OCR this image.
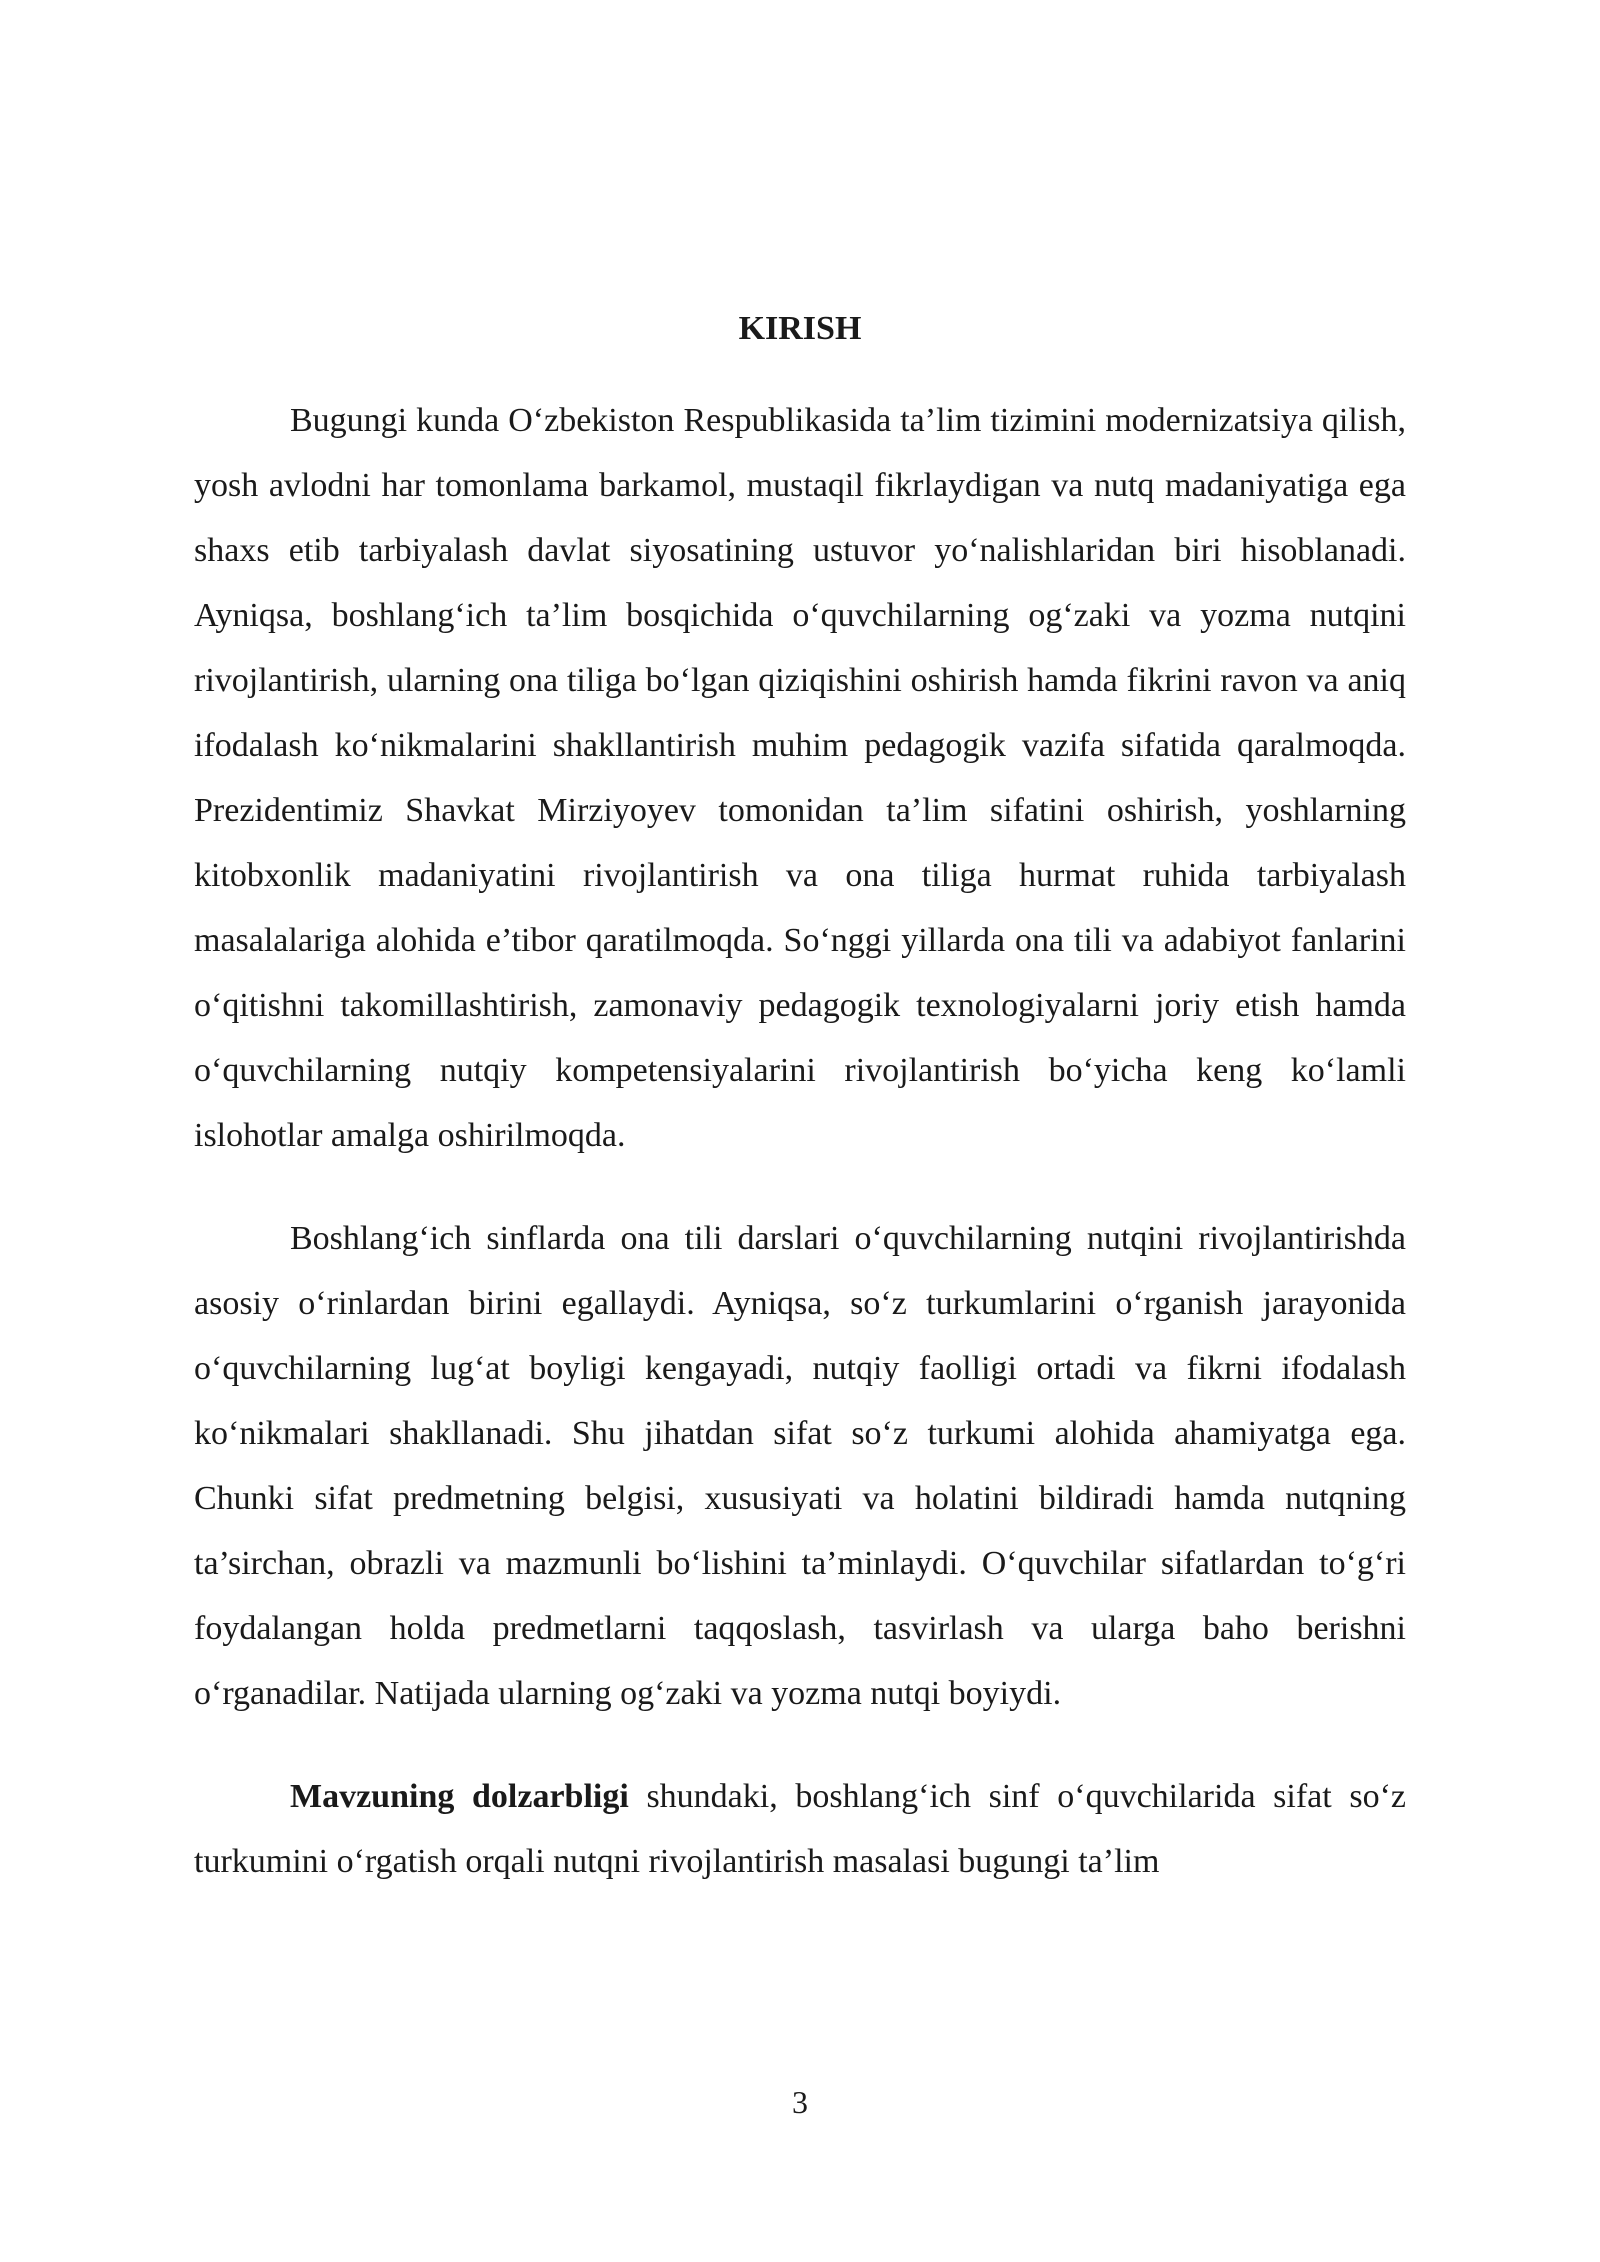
KIRISH

Bugungi kunda O‘zbekiston Respublikasida ta’lim tizimini modernizatsiya qilish, yosh avlodni har tomonlama barkamol, mustaqil fikrlaydigan va nutq madaniyatiga ega shaxs etib tarbiyalash davlat siyosatining ustuvor yo‘nalishlaridan biri hisoblanadi. Ayniqsa, boshlang‘ich ta’lim bosqichida o‘quvchilarning og‘zaki va yozma nutqini rivojlantirish, ularning ona tiliga bo‘lgan qiziqishini oshirish hamda fikrini ravon va aniq ifodalash ko‘nikmalarini shakllantirish muhim pedagogik vazifa sifatida qaralmoqda. Prezidentimiz Shavkat Mirziyoyev tomonidan ta’lim sifatini oshirish, yoshlarning kitobxonlik madaniyatini rivojlantirish va ona tiliga hurmat ruhida tarbiyalash masalalariga alohida e’tibor qaratilmoqda. So‘nggi yillarda ona tili va adabiyot fanlarini o‘qitishni takomillashtirish, zamonaviy pedagogik texnologiyalarni joriy etish hamda o‘quvchilarning nutqiy kompetensiyalarini rivojlantirish bo‘yicha keng ko‘lamli islohotlar amalga oshirilmoqda.

Boshlang‘ich sinflarda ona tili darslari o‘quvchilarning nutqini rivojlantirishda asosiy o‘rinlardan birini egallaydi. Ayniqsa, so‘z turkumlarini o‘rganish jarayonida o‘quvchilarning lug‘at boyligi kengayadi, nutqiy faolligi ortadi va fikrni ifodalash ko‘nikmalari shakllanadi. Shu jihatdan sifat so‘z turkumi alohida ahamiyatga ega. Chunki sifat predmetning belgisi, xususiyati va holatini bildiradi hamda nutqning ta’sirchan, obrazli va mazmunli bo‘lishini ta’minlaydi. O‘quvchilar sifatlardan to‘g‘ri foydalangan holda predmetlarni taqqoslash, tasvirlash va ularga baho berishni o‘rganadilar. Natijada ularning og‘zaki va yozma nutqi boyiydi.

Mavzuning dolzarbligi shundaki, boshlang‘ich sinf o‘quvchilarida sifat so‘z turkumini o‘rgatish orqali nutqni rivojlantirish masalasi bugungi ta’lim

3
